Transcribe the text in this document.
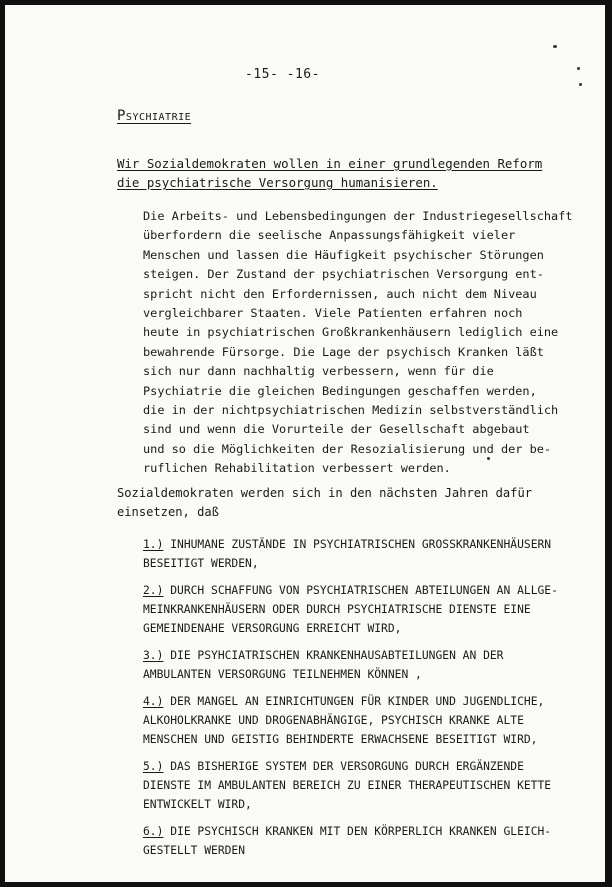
-15- -16-
Psychiatrie
Wir Sozialdemokraten wollen in einer grundlegenden Reform
die psychiatrische Versorgung humanisieren.
Die Arbeits- und Lebensbedingungen der Industriegesellschaft
überfordern die seelische Anpassungsfähigkeit vieler
Menschen und lassen die Häufigkeit psychischer Störungen
steigen. Der Zustand der psychiatrischen Versorgung ent-
spricht nicht den Erfordernissen, auch nicht dem Niveau
vergleichbarer Staaten. Viele Patienten erfahren noch
heute in psychiatrischen Großkrankenhäusern lediglich eine
bewahrende Fürsorge. Die Lage der psychisch Kranken läßt
sich nur dann nachhaltig verbessern, wenn für die
Psychiatrie die gleichen Bedingungen geschaffen werden,
die in der nichtpsychiatrischen Medizin selbstverständlich
sind und wenn die Vorurteile der Gesellschaft abgebaut
und so die Möglichkeiten der Resozialisierung und der be-
ruflichen Rehabilitation verbessert werden.
Sozialdemokraten werden sich in den nächsten Jahren dafür
einsetzen, daß
1.) INHUMANE ZUSTÄNDE IN PSYCHIATRISCHEN GROSSKRANKENHÄUSERN
BESEITIGT WERDEN,
2.) DURCH SCHAFFUNG VON PSYCHIATRISCHEN ABTEILUNGEN AN ALLGE-
MEINKRANKENHÄUSERN ODER DURCH PSYCHIATRISCHE DIENSTE EINE
GEMEINDENAHE VERSORGUNG ERREICHT WIRD,
3.) DIE PSYHCIATRISCHEN KRANKENHAUSABTEILUNGEN AN DER
AMBULANTEN VERSORGUNG TEILNEHMEN KÖNNEN ,
4.) DER MANGEL AN EINRICHTUNGEN FÜR KINDER UND JUGENDLICHE,
ALKOHOLKRANKE UND DROGENABHÄNGIGE, PSYCHISCH KRANKE ALTE
MENSCHEN UND GEISTIG BEHINDERTE ERWACHSENE BESEITIGT WIRD,
5.) DAS BISHERIGE SYSTEM DER VERSORGUNG DURCH ERGÄNZENDE
DIENSTE IM AMBULANTEN BEREICH ZU EINER THERAPEUTISCHEN KETTE
ENTWICKELT WIRD,
6.) DIE PSYCHISCH KRANKEN MIT DEN KÖRPERLICH KRANKEN GLEICH-
GESTELLT WERDEN
